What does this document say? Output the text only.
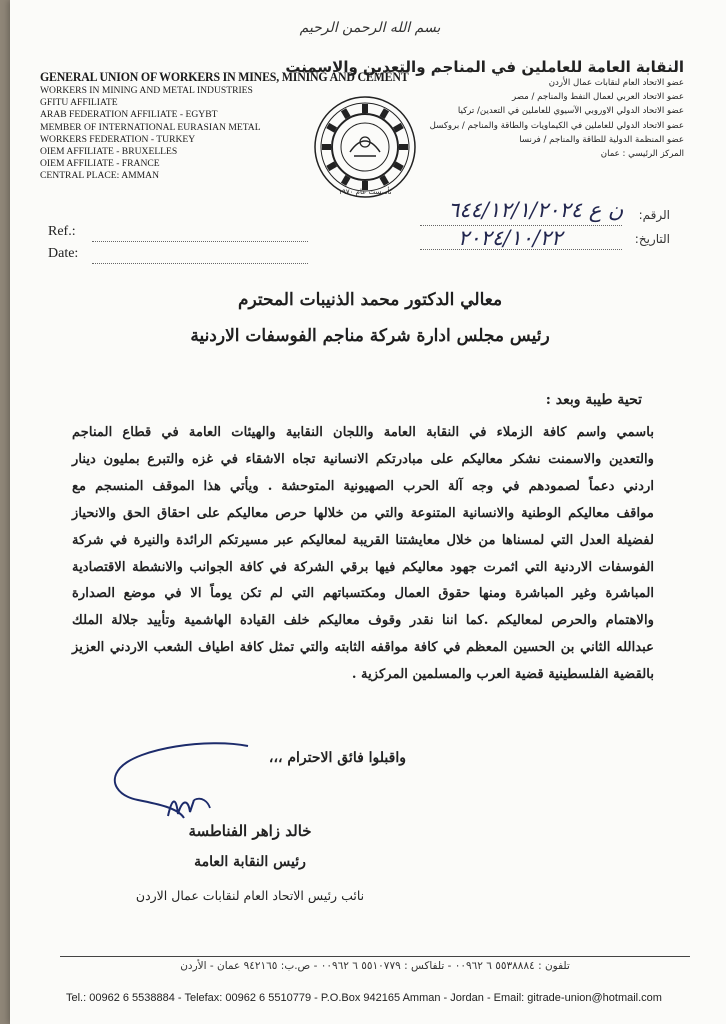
بسم الله الرحمن الرحيم
GENERAL UNION OF WORKERS IN MINES, MINING AND CEMENT
WORKERS IN MINING AND METAL INDUSTRIES
GFITU AFFILIATE
ARAB FEDERATION AFFILIATE - EGYBT
MEMBER OF INTERNATIONAL EURASIAN METAL
WORKERS FEDERATION - TURKEY
OIEM AFFILIATE - BRUXELLES
OIEM AFFILIATE - FRANCE
CENTRAL PLACE: AMMAN
النقابة العامة للعاملين في المناجم والتعدين والاسمنت
عضو الاتحاد العام لنقابات عمال الأردن
عضو الاتحاد العربي لعمال النفط والمناجم / مصر
عضو الاتحاد الدولي الاوروبي الآسيوي للعاملين في التعدين/ تركيا
عضو الاتحاد الدولي للعاملين في الكيماويات والطاقة والمناجم / بروكسل
عضو المنظمة الدولية للطاقة والمناجم / فرنسا
المركز الرئيسي : عمان
تأسست عام ١٩٧٠
Ref.:
Date:
الرقم:
التاريخ:
ن ع ٦٤٤/١٢/١/٢٠٢٤
٢٠٢٤/١٠/٢٢
معالي الدكتور محمد الذنيبات المحترم
رئيس مجلس ادارة شركة مناجم الفوسفات الاردنية
تحية طيبة وبعد :
باسمي واسم كافة الزملاء في النقابة العامة واللجان النقابية والهيئات العامة في قطاع المناجم
والتعدين والاسمنت نشكر معاليكم على مبادرتكم الانسانية تجاه الاشقاء في غزه والتبرع بمليون دينار
اردني دعماً لصمودهم في وجه آلة الحرب الصهيونية المتوحشة . ويأتي هذا الموقف المنسجم مع
مواقف معاليكم الوطنية والانسانية المتنوعة والتي من خلالها حرص معاليكم على احقاق الحق والانحياز
لفضيلة العدل التي لمسناها من خلال معايشتنا القريبة لمعاليكم عبر مسيرتكم الرائدة والنيرة في شركة
الفوسفات الاردنية التي اثمرت جهود معاليكم فيها برقي الشركة في كافة الجوانب والانشطة الاقتصادية
المباشرة وغير المباشرة ومنها حقوق العمال ومكتسباتهم التي لم تكن يوماً الا في موضع الصدارة
والاهتمام والحرص لمعاليكم .كما اننا نقدر وقوف معاليكم خلف القيادة الهاشمية وتأييد جلالة الملك
عبدالله الثاني بن الحسين المعظم في كافة مواقفه الثابته والتي تمثل كافة اطياف الشعب الاردني العزيز
بالقضية الفلسطينية قضية العرب والمسلمين المركزية .
واقبلوا فائق الاحترام ،،،
خالد زاهر الفناطسة
رئيس النقابة العامة
نائب رئيس الاتحاد العام لنقابات عمال الاردن
تلفون : ٥٥٣٨٨٨٤ ٦ ٠٠٩٦٢ - تلفاكس : ٥٥١٠٧٧٩ ٦ ٠٠٩٦٢ - ص.ب: ٩٤٢١٦٥ عمان - الأردن
Tel.: 00962 6 5538884 - Telefax: 00962 6 5510779 - P.O.Box 942165 Amman - Jordan - Email: gitrade-union@hotmail.com
